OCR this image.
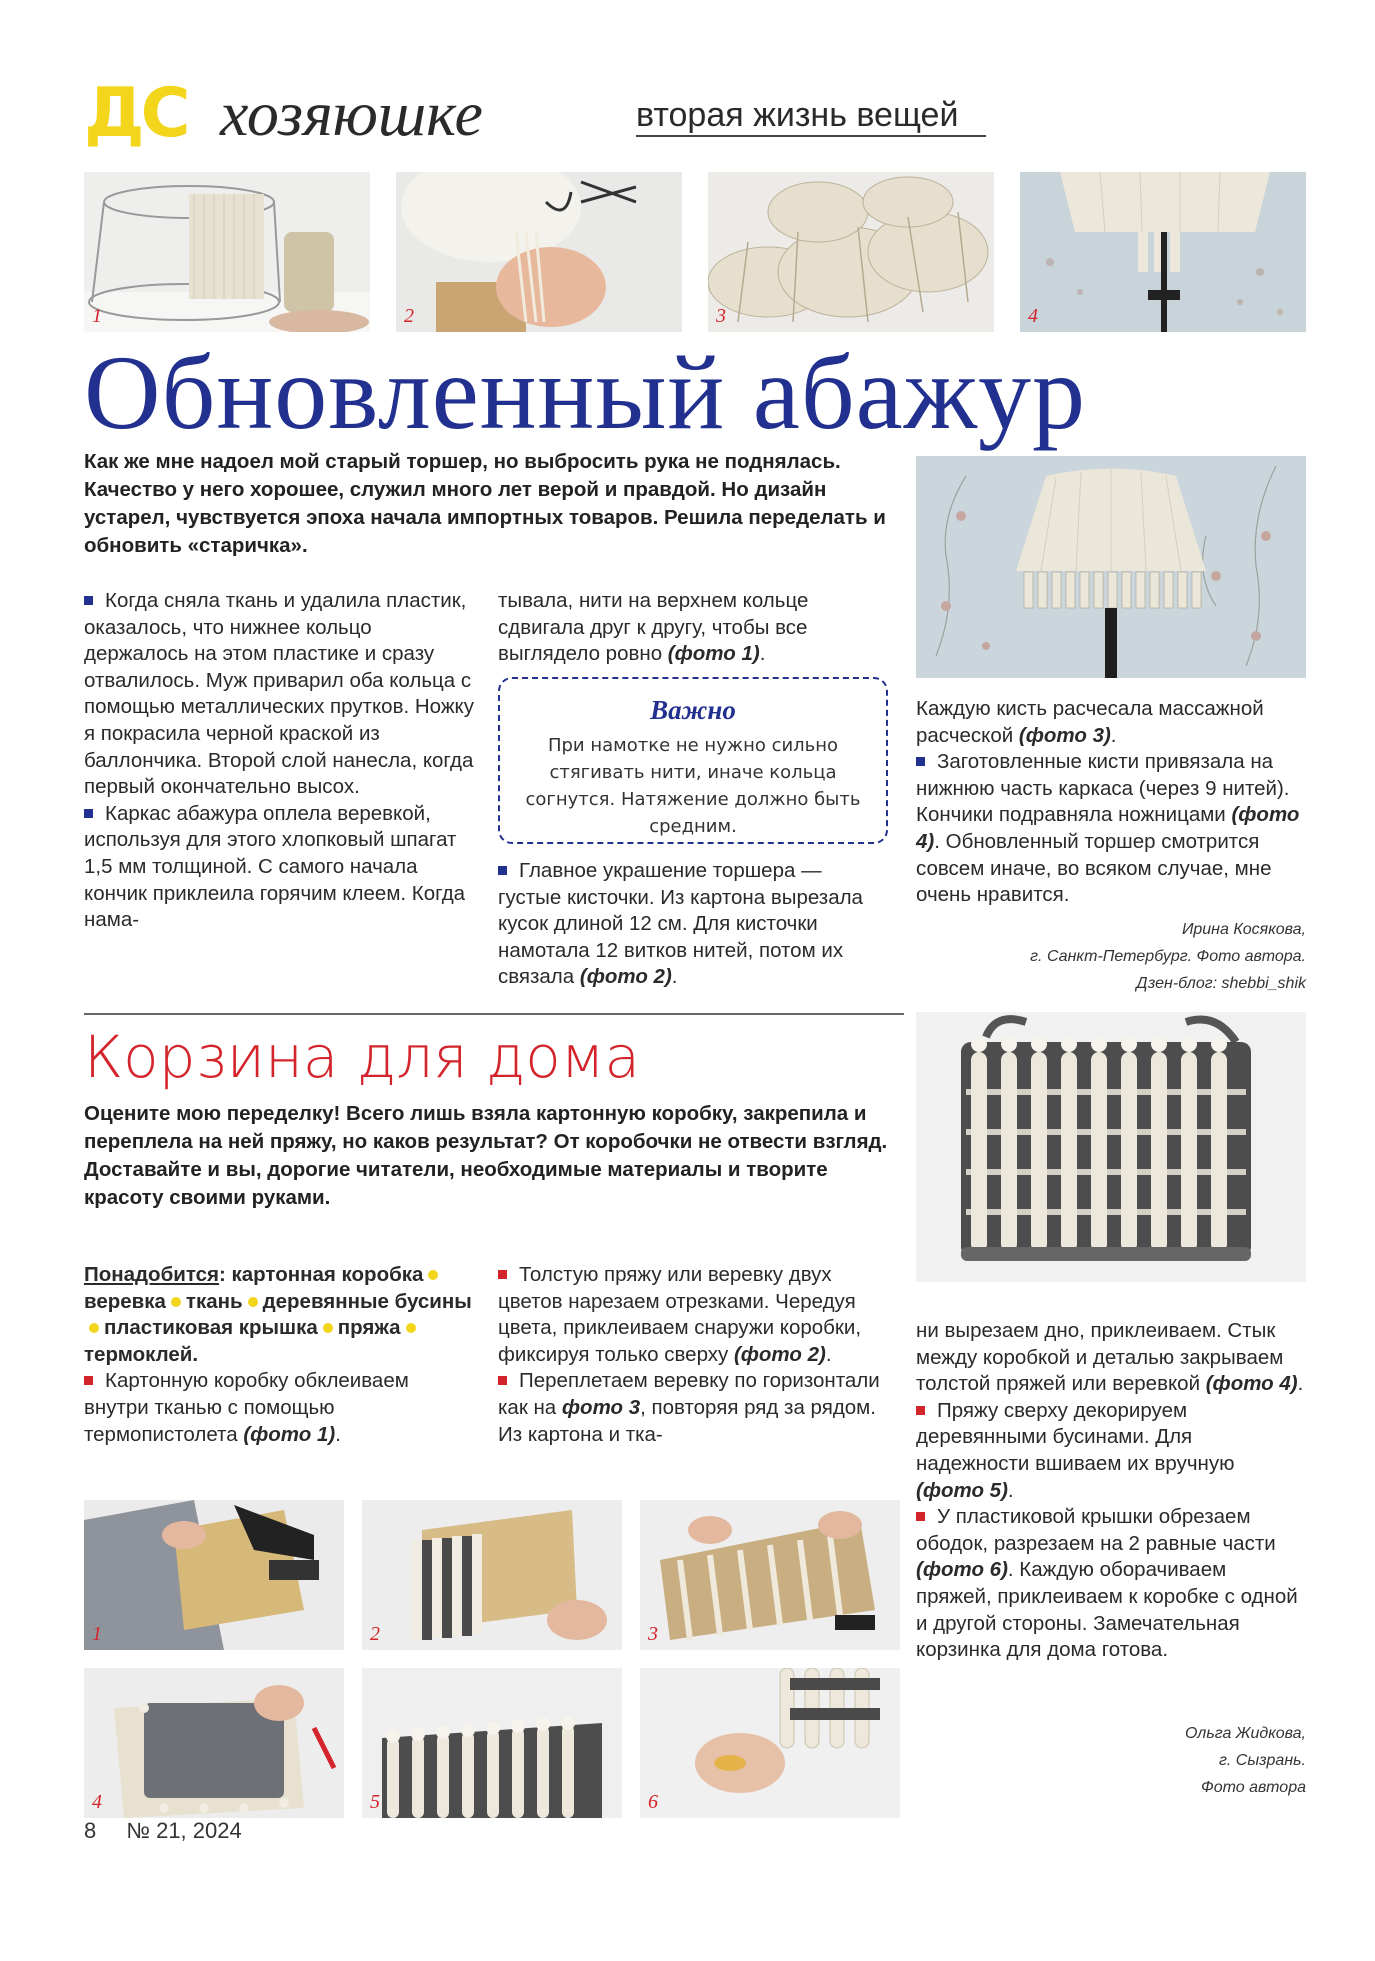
ДС хозяюшке	вторая жизнь вещей
1	2	3	4
Обновленный абажур
Как же мне надоел мой старый торшер, но выбросить рука не поднялась. Качество у него хорошее, служил много лет верой и правдой. Но дизайн устарел, чувствуется эпоха начала импортных товаров. Решила переделать и обновить «старичка».

Когда сняла ткань и удалила пластик, оказалось, что нижнее кольцо держалось на этом пластике и сразу отвалилось. Муж приварил оба кольца с помощью металлических прутков. Ножку я покрасила черной краской из баллончика. Второй слой нанесла, когда первый окончательно высох.

Каркас абажура оплела веревкой, используя для этого хлопковый шпагат 1,5 мм толщиной. С самого начала кончик приклеила горячим клеем. Когда нама-

тывала, нити на верхнем кольце сдвигала друг к другу, чтобы все выглядело ровно (фото 1).

Важно
При намотке не нужно сильно стягивать нити, иначе кольца согнутся. Натяжение должно быть средним.

Главное украшение торшера — густые кисточки. Из картона вырезала кусок длиной 12 см. Для кисточки намотала 12 витков нитей, потом их связала (фото 2).

Каждую кисть расчесала массажной расческой (фото 3).

Заготовленные кисти привязала на нижнюю часть каркаса (через 9 нитей). Кончики подравняла ножницами (фото 4). Обновленный торшер смотрится совсем иначе, во всяком случае, мне очень нравится.

Ирина Косякова,
г. Санкт-Петербург. Фото автора.
Дзен-блог: shebbi_shik
Корзина для дома
Оцените мою переделку! Всего лишь взяла картонную коробку, закрепила и переплела на ней пряжу, но каков результат? От коробочки не отвести взгляд. Доставайте и вы, дорогие читатели, необходимые материалы и творите красоту своими руками.

Понадобится: картонная коробкаверевка ткань деревянные бусиныпластиковая крышка пряжатермоклей.

Картонную коробку обклеиваем внутри тканью с помощью термопистолета (фото 1).

Толстую пряжу или веревку двух цветов нарезаем отрезками. Чередуя цвета, приклеиваем снаружи коробки, фиксируя только сверху (фото 2).

Переплетаем веревку по горизонтали как на фото 3, повторяя ряд за рядом. Из картона и тка-

ни вырезаем дно, приклеиваем. Стык между коробкой и деталью закрываем толстой пряжей или веревкой (фото 4).

Пряжу сверху декорируем деревянными бусинами. Для надежности вшиваем их вручную (фото 5).

У пластиковой крышки обрезаем ободок, разрезаем на 2 равные части (фото 6). Каждую оборачиваем пряжей, приклеиваем к коробке с одной и другой стороны. Замечательная корзинка для дома готова.

Ольга Жидкова,
г. Сызрань.
Фото автора
1	2	3
4	5	6
8 № 21, 2024
